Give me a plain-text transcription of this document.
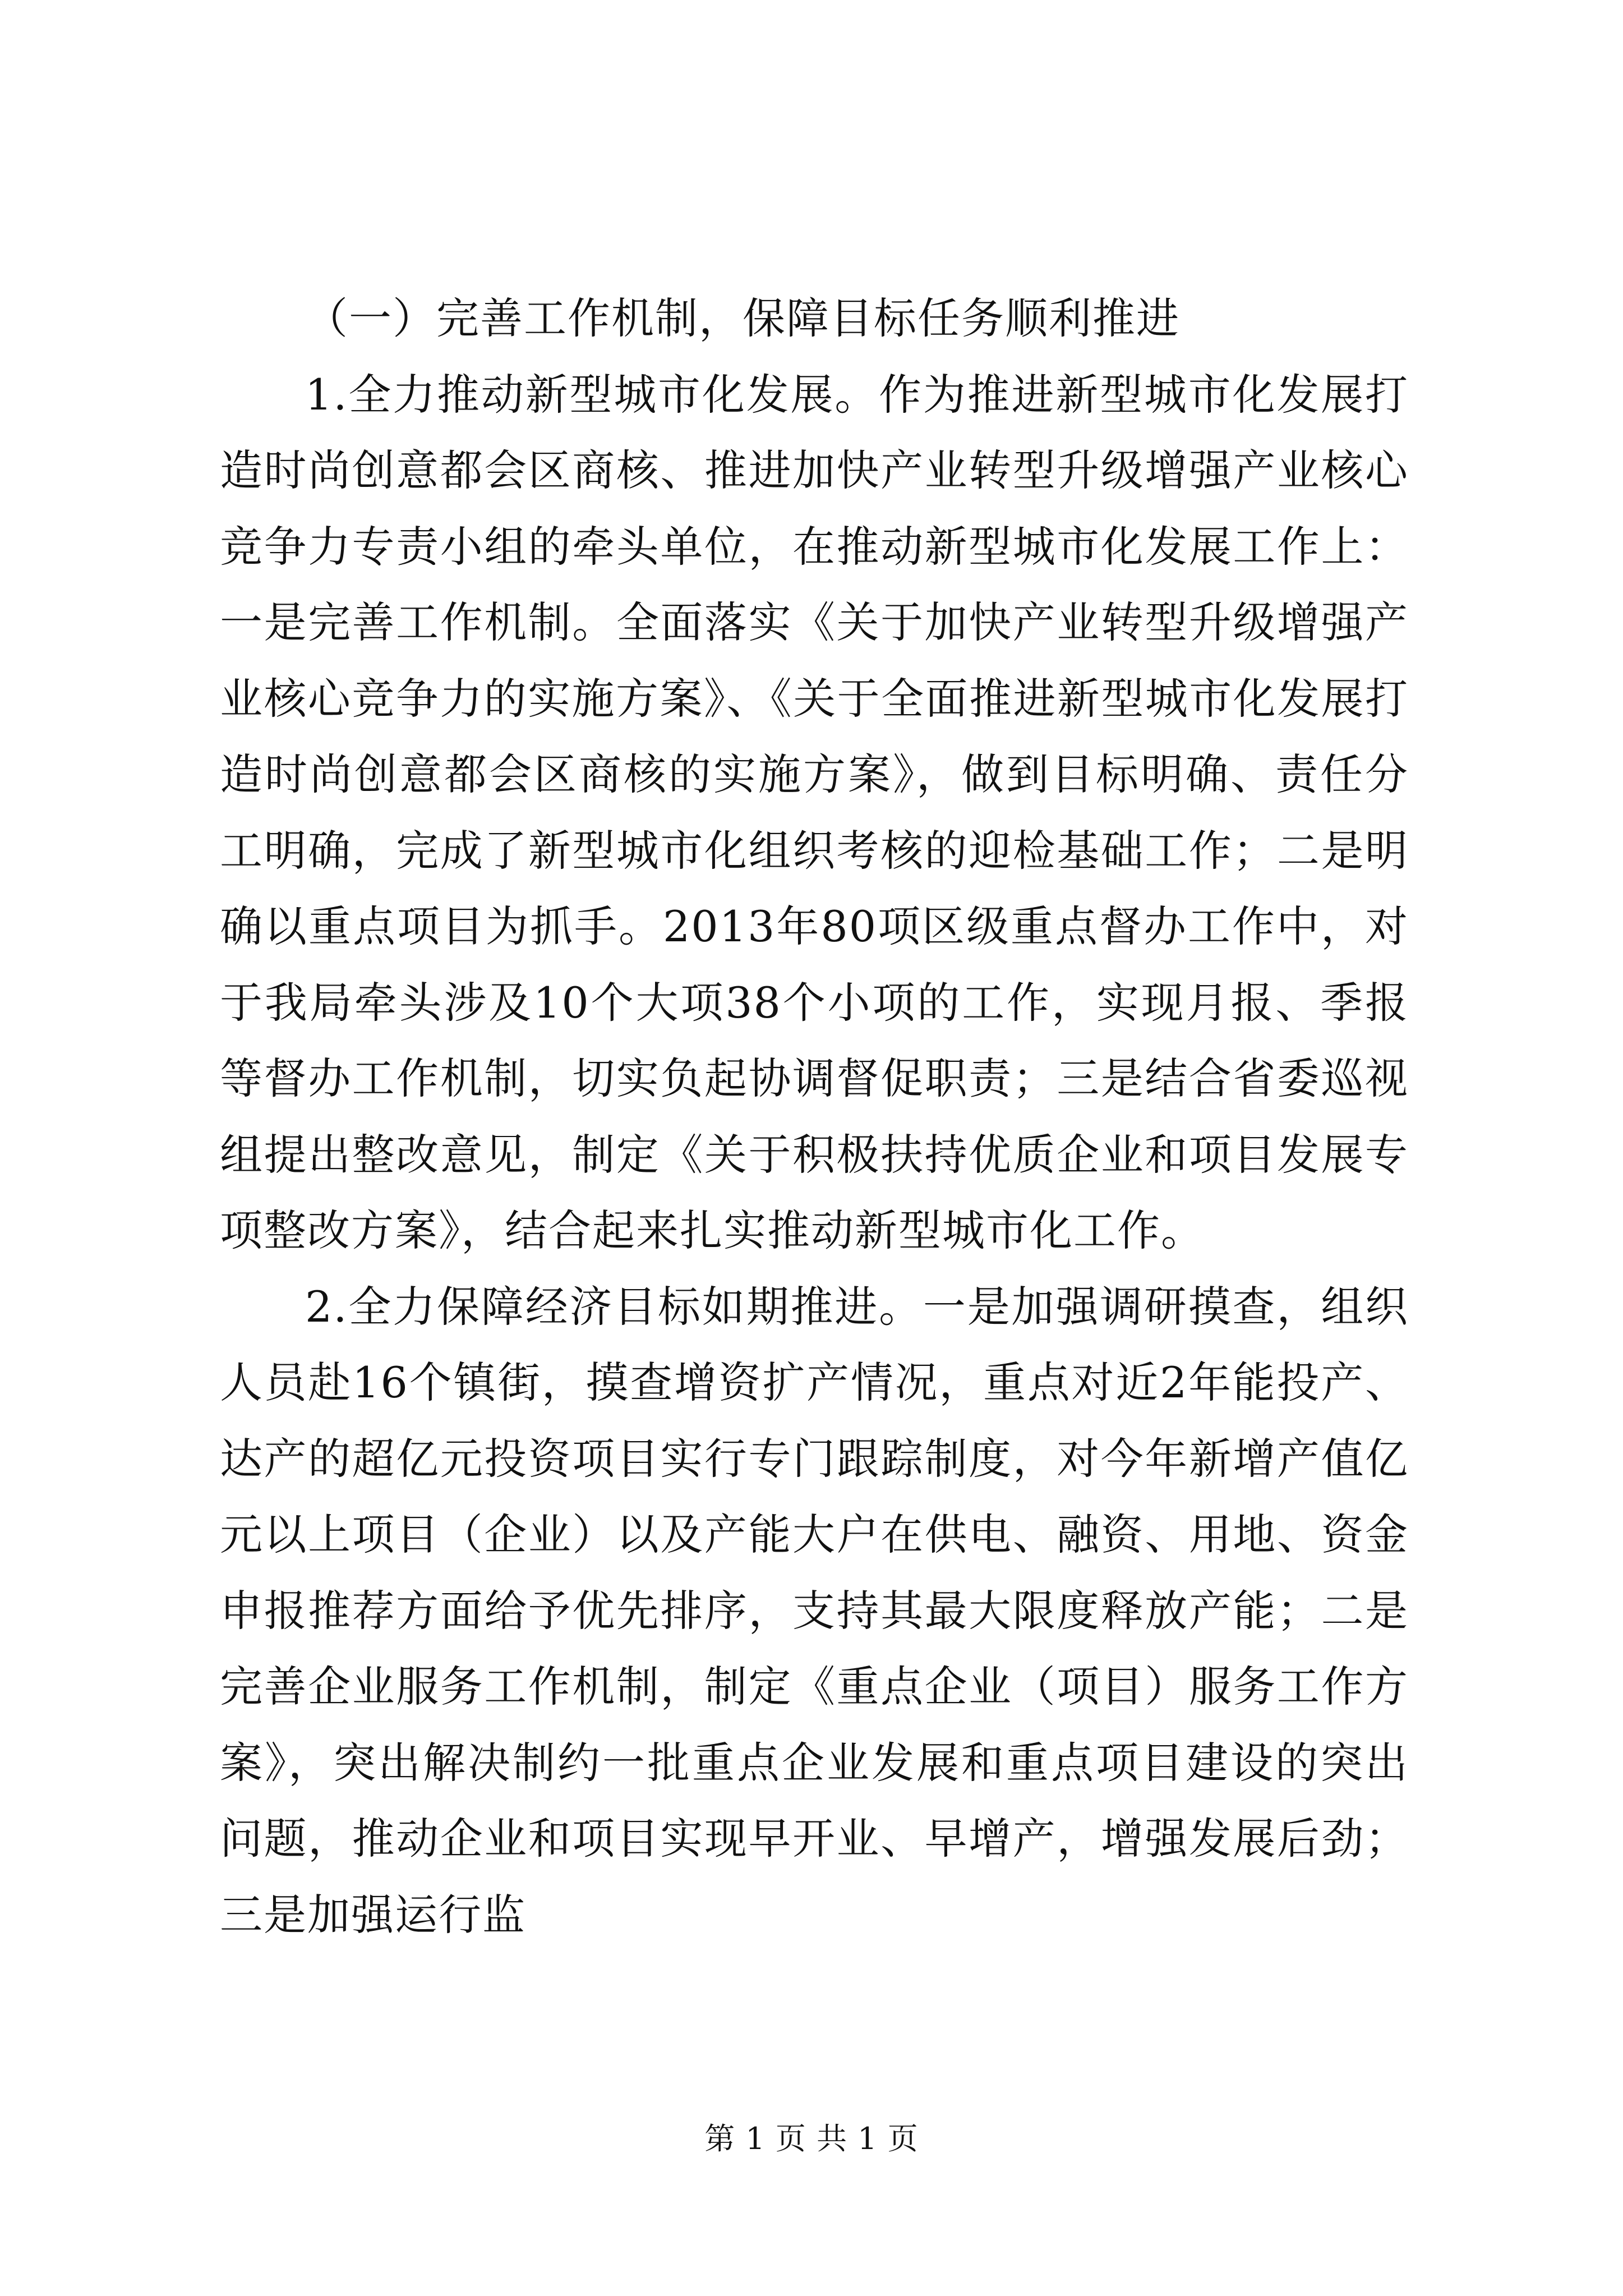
（一）完善工作机制，保障目标任务顺利推进

1.全力推动新型城市化发展。作为推进新型城市化发展打造时尚创意都会区商核、推进加快产业转型升级增强产业核心竞争力专责小组的牵头单位，在推动新型城市化发展工作上：一是完善工作机制。全面落实《关于加快产业转型升级增强产业核心竞争力的实施方案》、《关于全面推进新型城市化发展打造时尚创意都会区商核的实施方案》，做到目标明确、责任分工明确，完成了新型城市化组织考核的迎检基础工作；二是明确以重点项目为抓手。2013年80项区级重点督办工作中，对于我局牵头涉及10个大项38个小项的工作，实现月报、季报等督办工作机制，切实负起协调督促职责；三是结合省委巡视组提出整改意见，制定《关于积极扶持优质企业和项目发展专项整改方案》，结合起来扎实推动新型城市化工作。

2.全力保障经济目标如期推进。一是加强调研摸查，组织人员赴16个镇街，摸查增资扩产情况，重点对近2年能投产、达产的超亿元投资项目实行专门跟踪制度，对今年新增产值亿元以上项目（企业）以及产能大户在供电、融资、用地、资金申报推荐方面给予优先排序，支持其最大限度释放产能；二是完善企业服务工作机制，制定《重点企业（项目）服务工作方案》，突出解决制约一批重点企业发展和重点项目建设的突出问题，推动企业和项目实现早开业、早增产，增强发展后劲；三是加强运行监

第 1 页 共 1 页
